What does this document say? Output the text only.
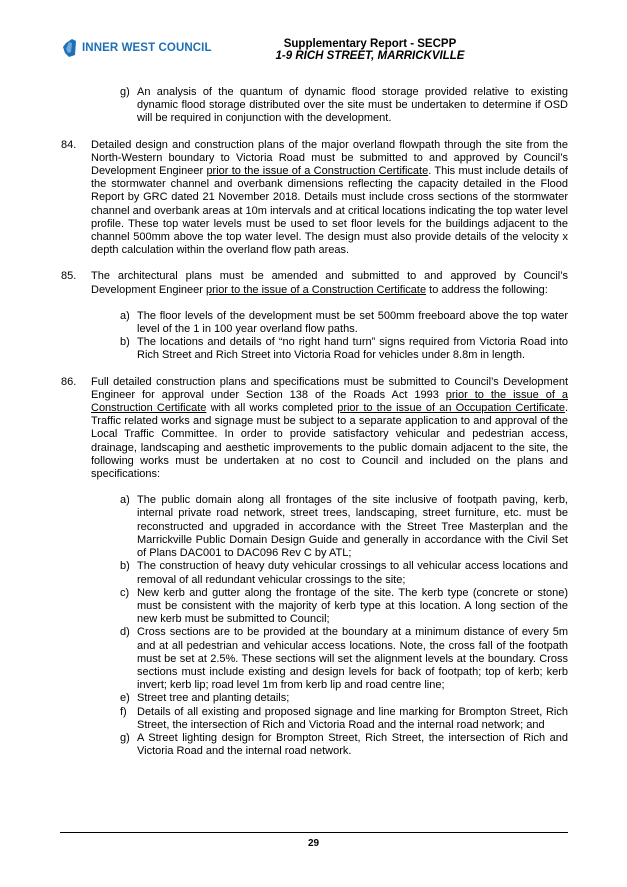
INNER WEST COUNCIL	Supplementary Report - SECPP
1-9 RICH STREET, MARRICKVILLE
g) An analysis of the quantum of dynamic flood storage provided relative to existing dynamic flood storage distributed over the site must be undertaken to determine if OSD will be required in conjunction with the development.
84.	Detailed design and construction plans of the major overland flowpath through the site from the North-Western boundary to Victoria Road must be submitted to and approved by Council’s Development Engineer prior to the issue of a Construction Certificate. This must include details of the stormwater channel and overbank dimensions reflecting the capacity detailed in the Flood Report by GRC dated 21 November 2018. Details must include cross sections of the stormwater channel and overbank areas at 10m intervals and at critical locations indicating the top water level profile. These top water levels must be used to set floor levels for the buildings adjacent to the channel 500mm above the top water level. The design must also provide details of the velocity x depth calculation within the overland flow path areas.
85.	The architectural plans must be amended and submitted to and approved by Council’s Development Engineer prior to the issue of a Construction Certificate to address the following:
a) The floor levels of the development must be set 500mm freeboard above the top water level of the 1 in 100 year overland flow paths.
b) The locations and details of “no right hand turn” signs required from Victoria Road into Rich Street and Rich Street into Victoria Road for vehicles under 8.8m in length.
86.	Full detailed construction plans and specifications must be submitted to Council’s Development Engineer for approval under Section 138 of the Roads Act 1993 prior to the issue of a Construction Certificate with all works completed prior to the issue of an Occupation Certificate. Traffic related works and signage must be subject to a separate application to and approval of the Local Traffic Committee. In order to provide satisfactory vehicular and pedestrian access, drainage, landscaping and aesthetic improvements to the public domain adjacent to the site, the following works must be undertaken at no cost to Council and included on the plans and specifications:
a) The public domain along all frontages of the site inclusive of footpath paving, kerb, internal private road network, street trees, landscaping, street furniture, etc. must be reconstructed and upgraded in accordance with the Street Tree Masterplan and the Marrickville Public Domain Design Guide and generally in accordance with the Civil Set of Plans DAC001 to DAC096 Rev C by ATL;
b) The construction of heavy duty vehicular crossings to all vehicular access locations and removal of all redundant vehicular crossings to the site;
c) New kerb and gutter along the frontage of the site. The kerb type (concrete or stone) must be consistent with the majority of kerb type at this location. A long section of the new kerb must be submitted to Council;
d) Cross sections are to be provided at the boundary at a minimum distance of every 5m and at all pedestrian and vehicular access locations. Note, the cross fall of the footpath must be set at 2.5%. These sections will set the alignment levels at the boundary. Cross sections must include existing and design levels for back of footpath; top of kerb; kerb invert; kerb lip; road level 1m from kerb lip and road centre line;
e) Street tree and planting details;
f) Details of all existing and proposed signage and line marking for Brompton Street, Rich Street, the intersection of Rich and Victoria Road and the internal road network; and
g) A Street lighting design for Brompton Street, Rich Street, the intersection of Rich and Victoria Road and the internal road network.
29
